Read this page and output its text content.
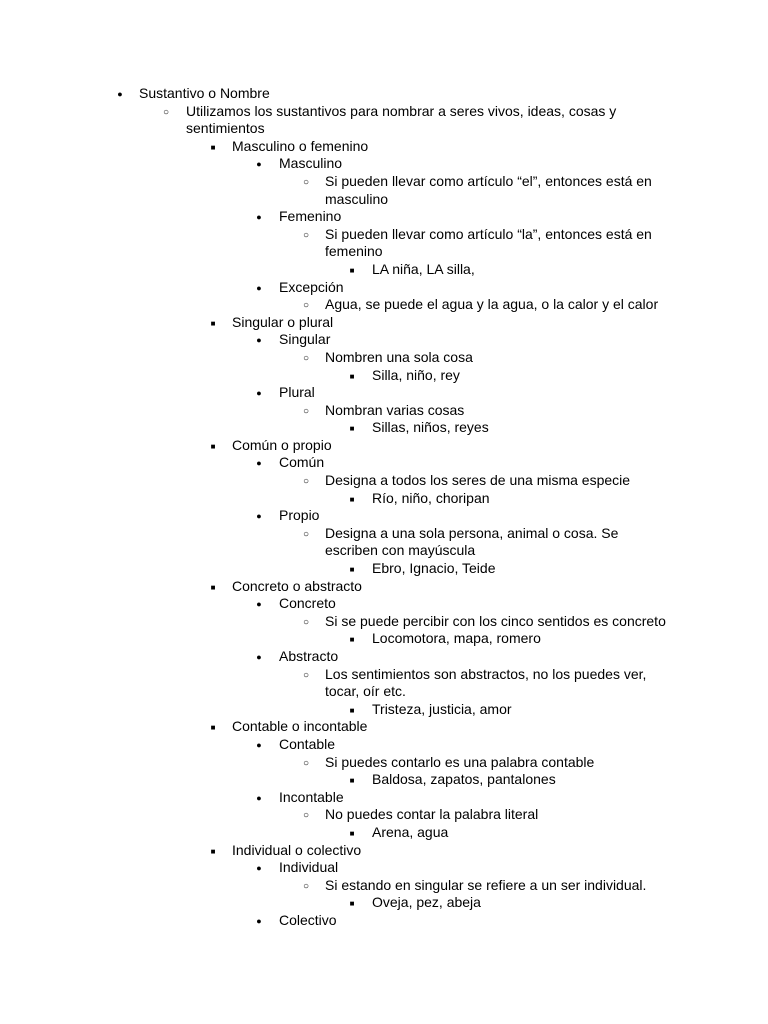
●
Sustantivo o Nombre
○
Utilizamos los sustantivos para nombrar a seres vivos, ideas, cosas y sentimientos
■
Masculino o femenino
●
Masculino
○
Si pueden llevar como artículo “el”, entonces está en masculino
●
Femenino
○
Si pueden llevar como artículo “la”, entonces está en femenino
■
LA niña, LA silla,
●
Excepción
○
Agua, se puede el agua y la agua, o la calor y el calor
■
Singular o plural
●
Singular
○
Nombren una sola cosa
■
Silla, niño, rey
●
Plural
○
Nombran varias cosas
■
Sillas, niños, reyes
■
Común o propio
●
Común
○
Designa a todos los seres de una misma especie
■
Río, niño, choripan
●
Propio
○
Designa a una sola persona, animal o cosa. Se escriben con mayúscula
■
Ebro, Ignacio, Teide
■
Concreto o abstracto
●
Concreto
○
Si se puede percibir con los cinco sentidos es concreto
■
Locomotora, mapa, romero
●
Abstracto
○
Los sentimientos son abstractos, no los puedes ver, tocar, oír etc.
■
Tristeza, justicia, amor
■
Contable o incontable
●
Contable
○
Si puedes contarlo es una palabra contable
■
Baldosa, zapatos, pantalones
●
Incontable
○
No puedes contar la palabra literal
■
Arena, agua
■
Individual o colectivo
●
Individual
○
Si estando en singular se refiere a un ser individual.
■
Oveja, pez, abeja
●
Colectivo
